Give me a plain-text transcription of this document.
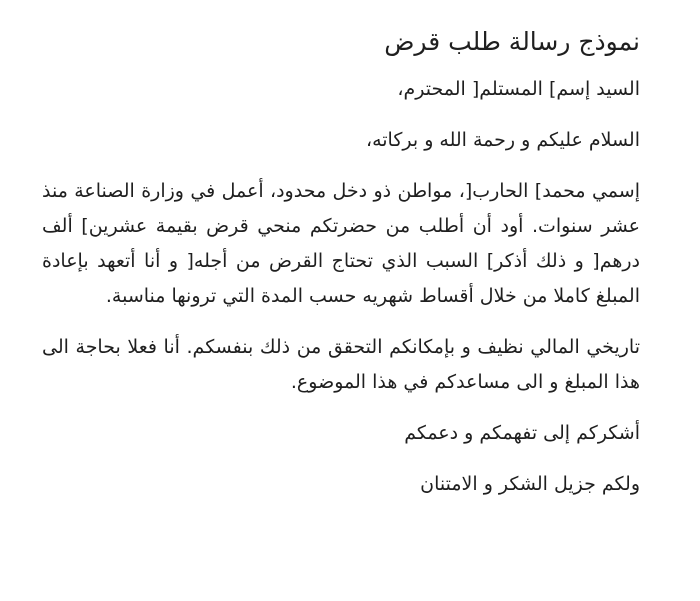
نموذج رسالة طلب قرض

السيد إسم] المستلم[ المحترم،

السلام عليكم و رحمة الله و بركاته،

إسمي محمد] الحارب[، مواطن ذو دخل محدود، أعمل في وزارة الصناعة منذ عشر سنوات. أود أن أطلب من حضرتكم منحي قرض بقيمة عشرين] ألف درهم[ و ذلك أذكر] السبب الذي تحتاج القرض من أجله[ و أنا أتعهد بإعادة المبلغ كاملا من خلال أقساط شهريه حسب المدة التي ترونها مناسبة.

تاريخي المالي نظيف و بإمكانكم التحقق من ذلك بنفسكم. أنا فعلا بحاجة الى هذا المبلغ و الى مساعدكم في هذا الموضوع.

أشكركم إلى تفهمكم و دعمكم

ولكم جزيل الشكر و الامتنان
